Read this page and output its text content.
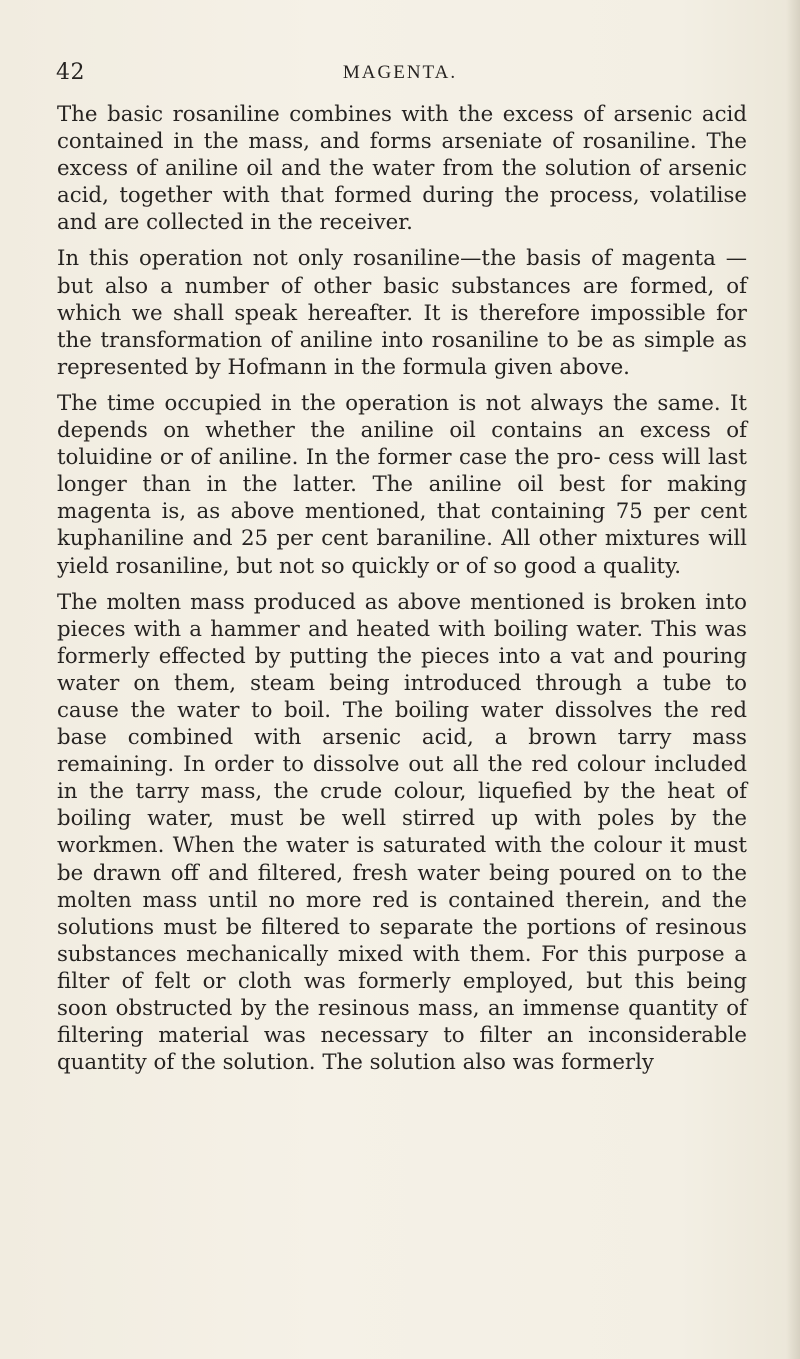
42	MAGENTA.

The basic rosaniline combines with the excess of arsenic acid contained in the mass, and forms arseniate of rosaniline. The excess of aniline oil and the water from the solution of arsenic acid, together with that formed during the process, volatilise and are collected in the receiver.

In this operation not only rosaniline—the basis of magenta —but also a number of other basic substances are formed, of which we shall speak hereafter. It is therefore impossible for the transformation of aniline into rosaniline to be as simple as represented by Hofmann in the formula given above.

The time occupied in the operation is not always the same. It depends on whether the aniline oil contains an excess of toluidine or of aniline. In the former case the pro- cess will last longer than in the latter. The aniline oil best for making magenta is, as above mentioned, that containing 75 per cent kuphaniline and 25 per cent baraniline. All other mixtures will yield rosaniline, but not so quickly or of so good a quality.

The molten mass produced as above mentioned is broken into pieces with a hammer and heated with boiling water. This was formerly effected by putting the pieces into a vat and pouring water on them, steam being introduced through a tube to cause the water to boil. The boiling water dissolves the red base combined with arsenic acid, a brown tarry mass remaining. In order to dissolve out all the red colour included in the tarry mass, the crude colour, liquefied by the heat of boiling water, must be well stirred up with poles by the workmen. When the water is saturated with the colour it must be drawn off and filtered, fresh water being poured on to the molten mass until no more red is contained therein, and the solutions must be filtered to separate the portions of resinous substances mechanically mixed with them. For this purpose a filter of felt or cloth was formerly employed, but this being soon obstructed by the resinous mass, an immense quantity of filtering material was necessary to filter an inconsiderable quantity of the solution. The solution also was formerly
